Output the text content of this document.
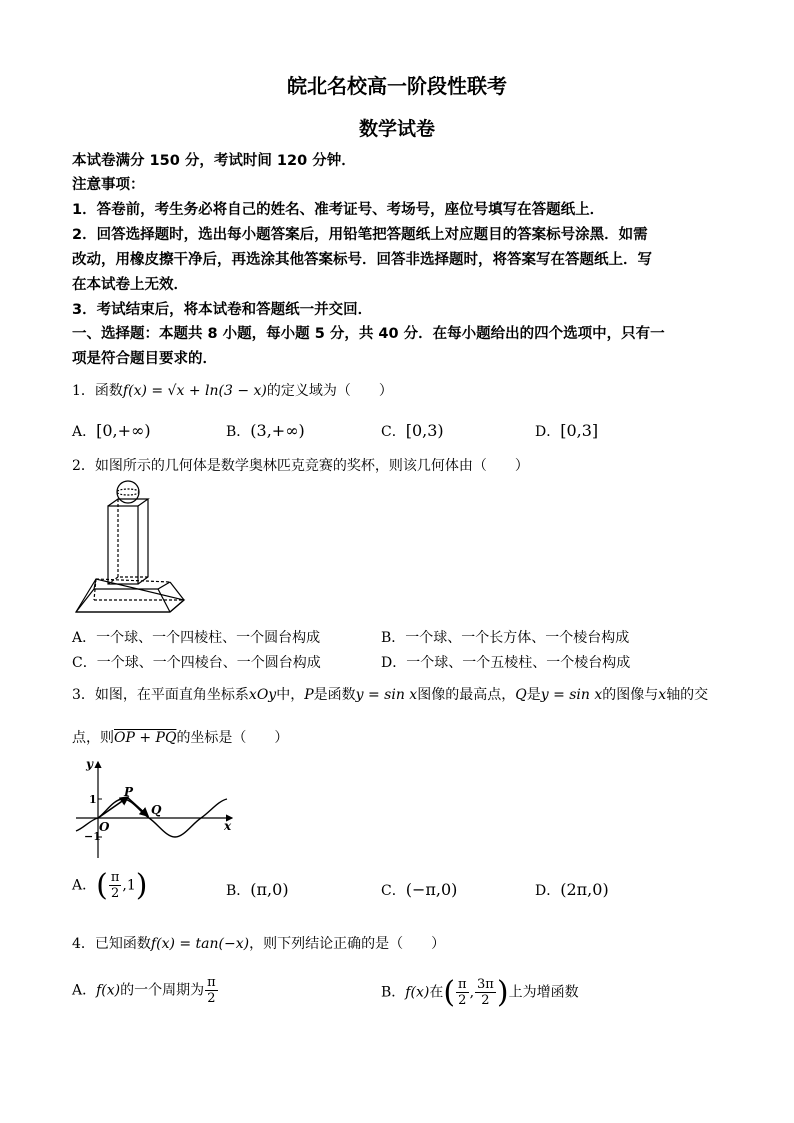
皖北名校高一阶段性联考
数学试卷
本试卷满分 150 分，考试时间 120 分钟．
注意事项：
1．答卷前，考生务必将自己的姓名、准考证号、考场号，座位号填写在答题纸上．
2．回答选择题时，选出每小题答案后，用铅笔把答题纸上对应题目的答案标号涂黑．如需
改动，用橡皮擦干净后，再选涂其他答案标号．回答非选择题时，将答案写在答题纸上．写
在本试卷上无效．
3．考试结束后，将本试卷和答题纸一并交回．
一、选择题：本题共 8 小题，每小题 5 分，共 40 分．在每小题给出的四个选项中，只有一
项是符合题目要求的．
1．函数f(x) = √x + ln(3 − x)的定义域为（　　）
A．[0,+∞)	B．(3,+∞)	C．[0,3)	D．[0,3]
2．如图所示的几何体是数学奥林匹克竞赛的奖杯，则该几何体由（　　）
A．一个球、一个四棱柱、一个圆台构成	B．一个球、一个长方体、一个棱台构成
C．一个球、一个四棱台、一个圆台构成	D．一个球、一个五棱柱、一个棱台构成
3．如图，在平面直角坐标系xOy中，P是函数y = sin x图像的最高点，Q是y = sin x的图像与x轴的交
点，则OP + PQ的坐标是（　　）
y
x
1
−1
O
P
Q
A．( $\frac{\pi}{2} ,1$)	B．(π,0)	C．(−π,0)	D．(2π,0)
4．已知函数f(x) = tan(−x)，则下列结论正确的是（　　）
A．f(x)的一个周期为 $\frac{\pi}{2}$	B．f(x)在( $\frac{\pi}{2}$ , $\frac{3\pi}{2}$ )上为增函数
